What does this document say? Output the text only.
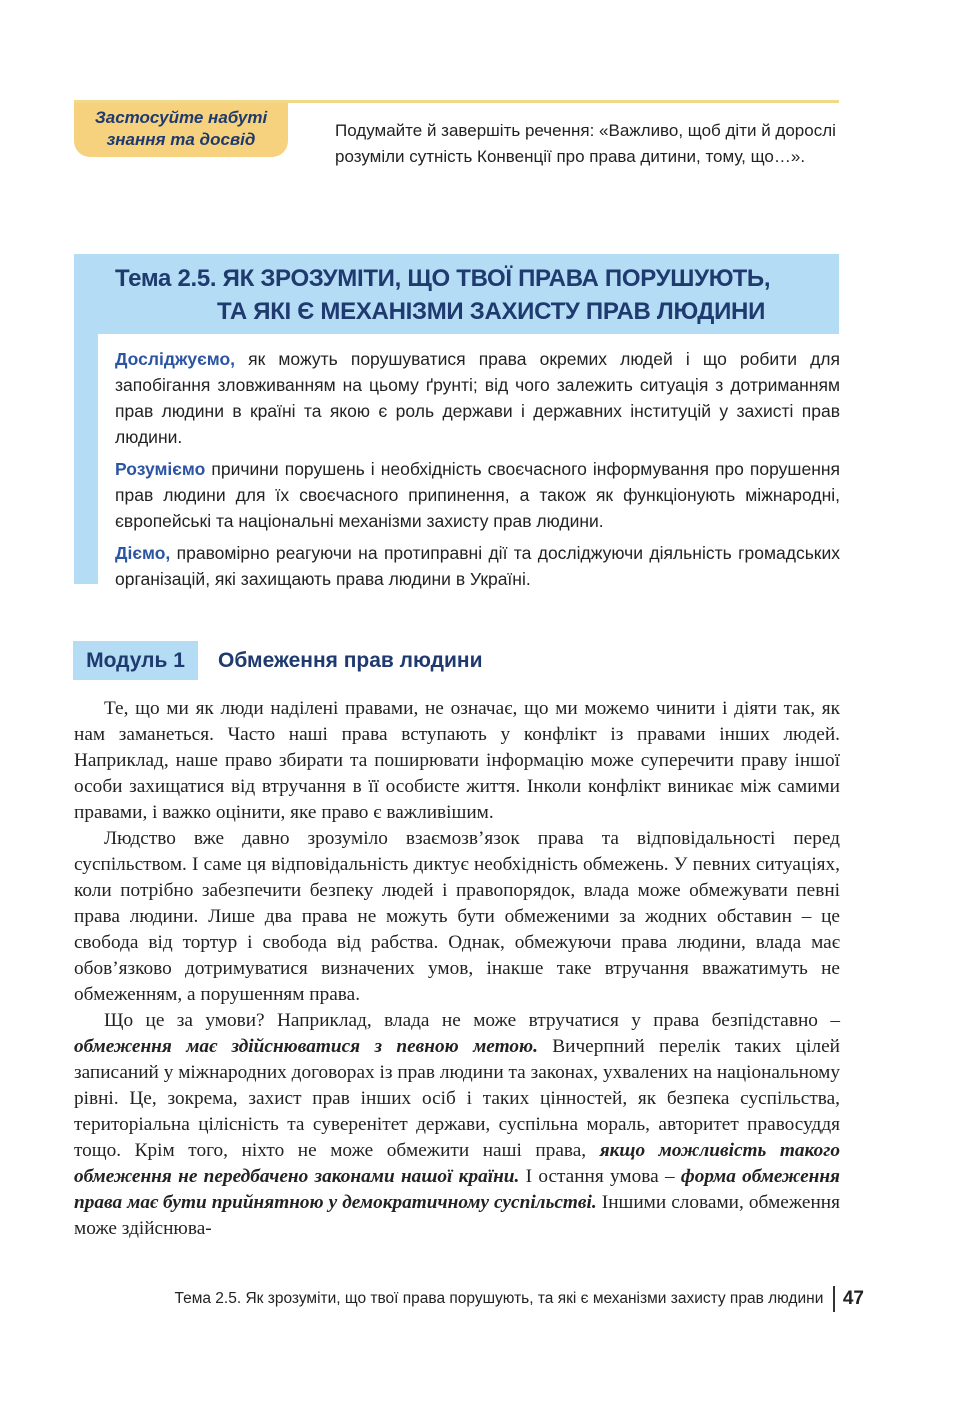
Застосуйте набуті
знання та досвід	Подумайте й завершіть речення: «Важливо, щоб діти й дорослі розуміли сутність Конвенції про права дитини, тому, що…».
Тема 2.5. ЯК ЗРОЗУМІТИ, ЩО ТВОЇ ПРАВА ПОРУШУЮТЬ,
ТА ЯКІ Є МЕХАНІЗМИ ЗАХИСТУ ПРАВ ЛЮДИНИ

Досліджуємо, як можуть порушуватися права окремих людей і що робити для запобігання зловживанням на цьому ґрунті; від чого залежить ситуація з дотриманням прав людини в країні та якою є роль держави і державних інституцій у захисті прав людини.

Розуміємо причини порушень і необхідність своєчасного інформування про порушення прав людини для їх своєчасного припинення, а також як функціонують міжнародні, європейські та національні механізми захисту прав людини.

Діємо, правомірно реагуючи на протиправні дії та досліджуючи діяльність громадських організацій, які захищають права людини в Україні.

Модуль 1	Обмеження прав людини

Те, що ми як люди наділені правами, не означає, що ми можемо чинити і діяти так, як нам заманеться. Часто наші права вступають у конфлікт із правами інших людей. Наприклад, наше право збирати та поширювати інформацію може суперечити праву іншої особи захищатися від втручання в її особисте життя. Інколи конфлікт виникає між самими правами, і важко оцінити, яке право є важливішим.

Людство вже давно зрозуміло взаємозв’язок права та відповідальності перед суспільством. І саме ця відповідальність диктує необхідність обмежень. У певних ситуаціях, коли потрібно забезпечити безпеку людей і правопорядок, влада може обмежувати певні права людини. Лише два права не можуть бути обмеженими за жодних обставин – це свобода від тортур і свобода від рабства. Однак, обмежуючи права людини, влада має обов’язково дотримуватися визначених умов, інакше таке втручання вважатимуть не обмеженням, а порушенням права.

Що це за умови? Наприклад, влада не може втручатися у права безпідставно – обмеження має здійснюватися з певною метою. Вичерпний перелік таких цілей записаний у міжнародних договорах із прав людини та законах, ухвалених на національному рівні. Це, зокрема, захист прав інших осіб і таких цінностей, як безпека суспільства, територіальна цілісність та суверенітет держави, суспільна мораль, авторитет правосуддя тощо. Крім того, ніхто не може обмежити наші права, якщо можливість такого обмеження не передбачено законами нашої країни. І остання умова – форма обмеження права має бути прийнятною у демократичному суспільстві. Іншими словами, обмеження може здійснюва-

Тема 2.5. Як зрозуміти, що твої права порушують, та які є механізми захисту прав людини 47
